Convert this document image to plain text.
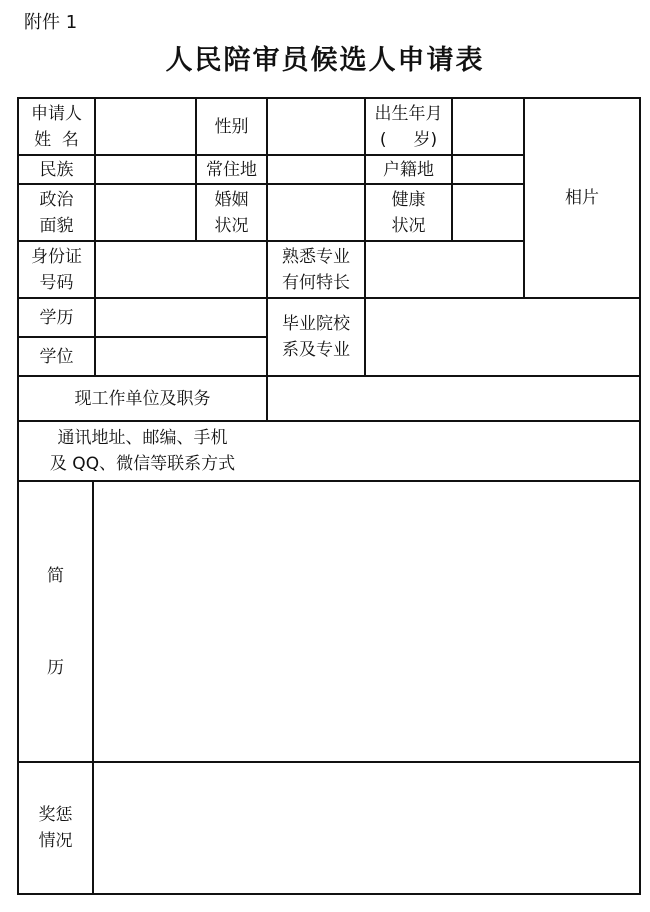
附件 1
人民陪审员候选人申请表
申请人
姓  名
性别
出生年月
(     岁)
相片
民族	常住地	户籍地
政治
面貌
婚姻
状况
健康
状况
身份证
号码
熟悉专业
有何特长
学历
学位
毕业院校
系及专业
现工作单位及职务
通讯地址、邮编、手机
及 QQ、微信等联系方式
简
历
奖惩
情况
